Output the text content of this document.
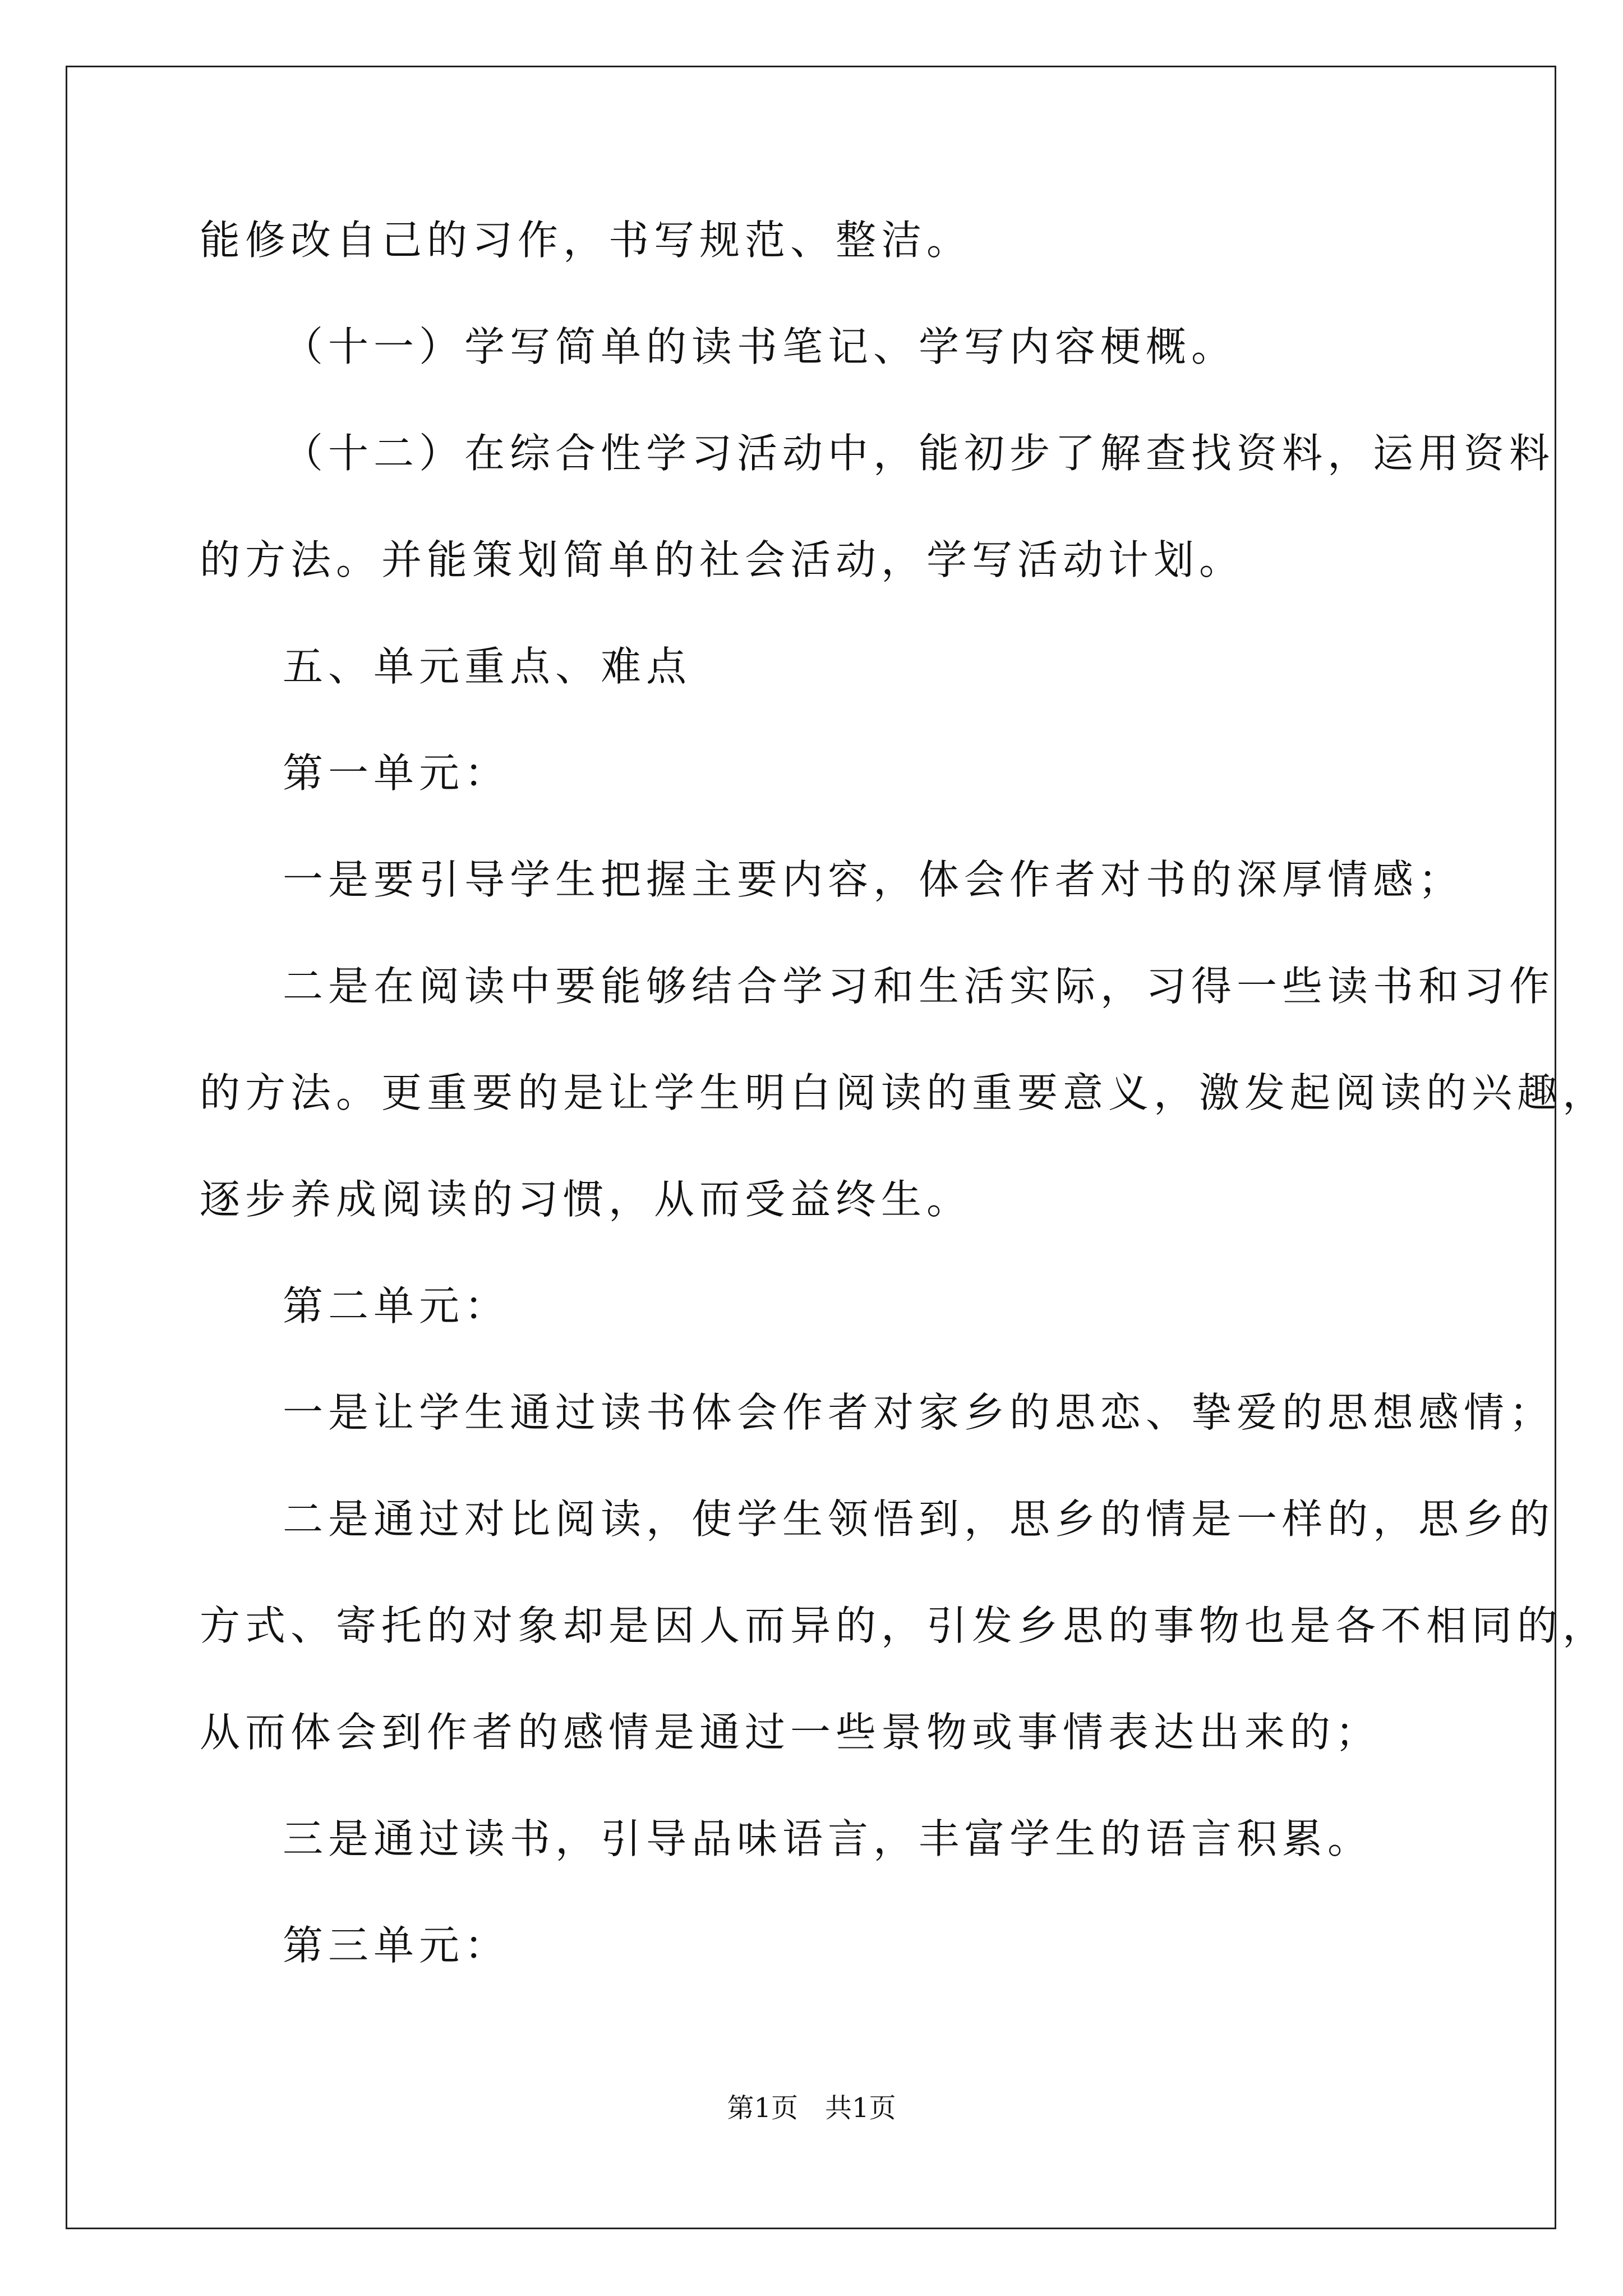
能修改自己的习作，书写规范、整洁。
（十一）学写简单的读书笔记、学写内容梗概。
（十二）在综合性学习活动中，能初步了解查找资料，运用资料
的方法。并能策划简单的社会活动，学写活动计划。
五、单元重点、难点
第一单元：
一是要引导学生把握主要内容，体会作者对书的深厚情感；
二是在阅读中要能够结合学习和生活实际，习得一些读书和习作
的方法。更重要的是让学生明白阅读的重要意义，激发起阅读的兴趣，
逐步养成阅读的习惯，从而受益终生。
第二单元：
一是让学生通过读书体会作者对家乡的思恋、挚爱的思想感情；
二是通过对比阅读，使学生领悟到，思乡的情是一样的，思乡的
方式、寄托的对象却是因人而异的，引发乡思的事物也是各不相同的，
从而体会到作者的感情是通过一些景物或事情表达出来的；
三是通过读书，引导品味语言，丰富学生的语言积累。
第三单元：
第1页　共1页
